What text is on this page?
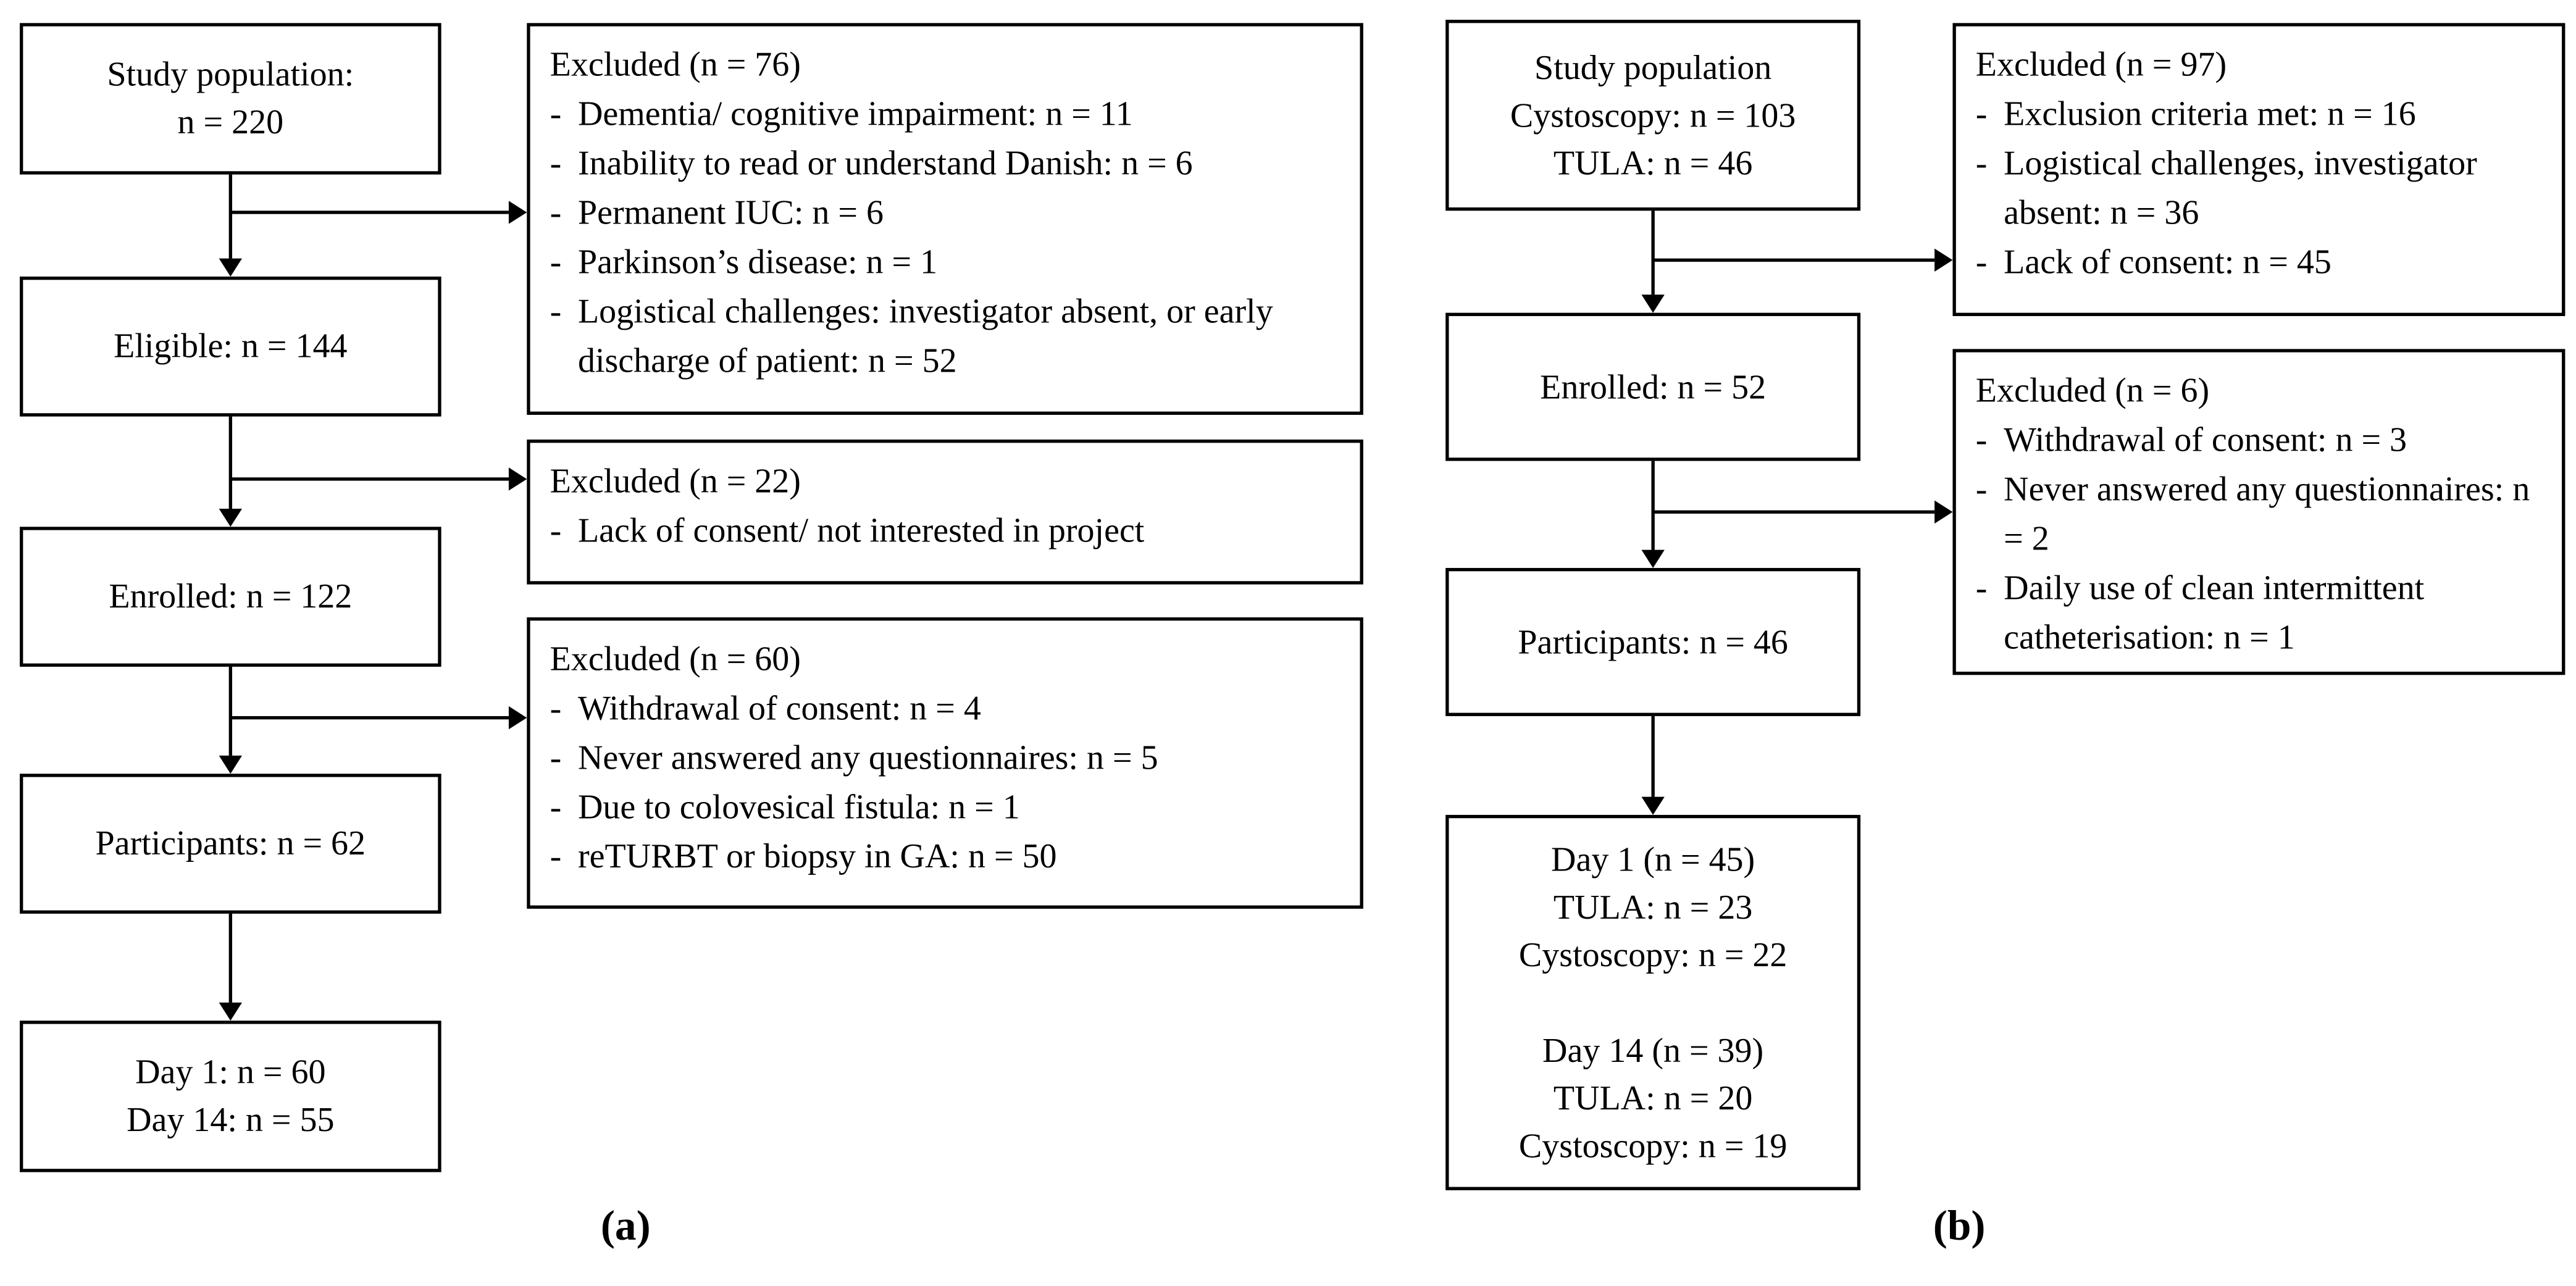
Study population:
n = 220
Excluded (n = 76)
-	Dementia/ cognitive impairment: n = 11
-	Inability to read or understand Danish: n = 6
-	Permanent IUC: n = 6
-	Parkinson’s disease: n = 1
-	Logistical challenges: investigator absent, or early discharge of patient: n = 52
Eligible: n = 144
Excluded (n = 22)
-	Lack of consent/ not interested in project
Enrolled: n = 122
Excluded (n = 60)
-	Withdrawal of consent: n = 4
-	Never answered any questionnaires: n = 5
-	Due to colovesical fistula: n = 1
-	reTURBT or biopsy in GA: n = 50
Participants: n = 62
Day 1: n = 60
Day 14: n = 55
(a)
Study population
Cystoscopy: n = 103
TULA: n = 46
Excluded (n = 97)
-	Exclusion criteria met: n = 16
-	Logistical challenges, investigator absent: n = 36
-	Lack of consent: n = 45
Enrolled: n = 52	Excluded (n = 6)
-	Withdrawal of consent: n = 3
-	Never answered any questionnaires: n = 2
-	Daily use of clean intermittent catheterisation: n = 1
Participants: n = 46
Day 1 (n = 45)
TULA: n = 23
Cystoscopy: n = 22
Day 14 (n = 39)
TULA: n = 20
Cystoscopy: n = 19
(b)
